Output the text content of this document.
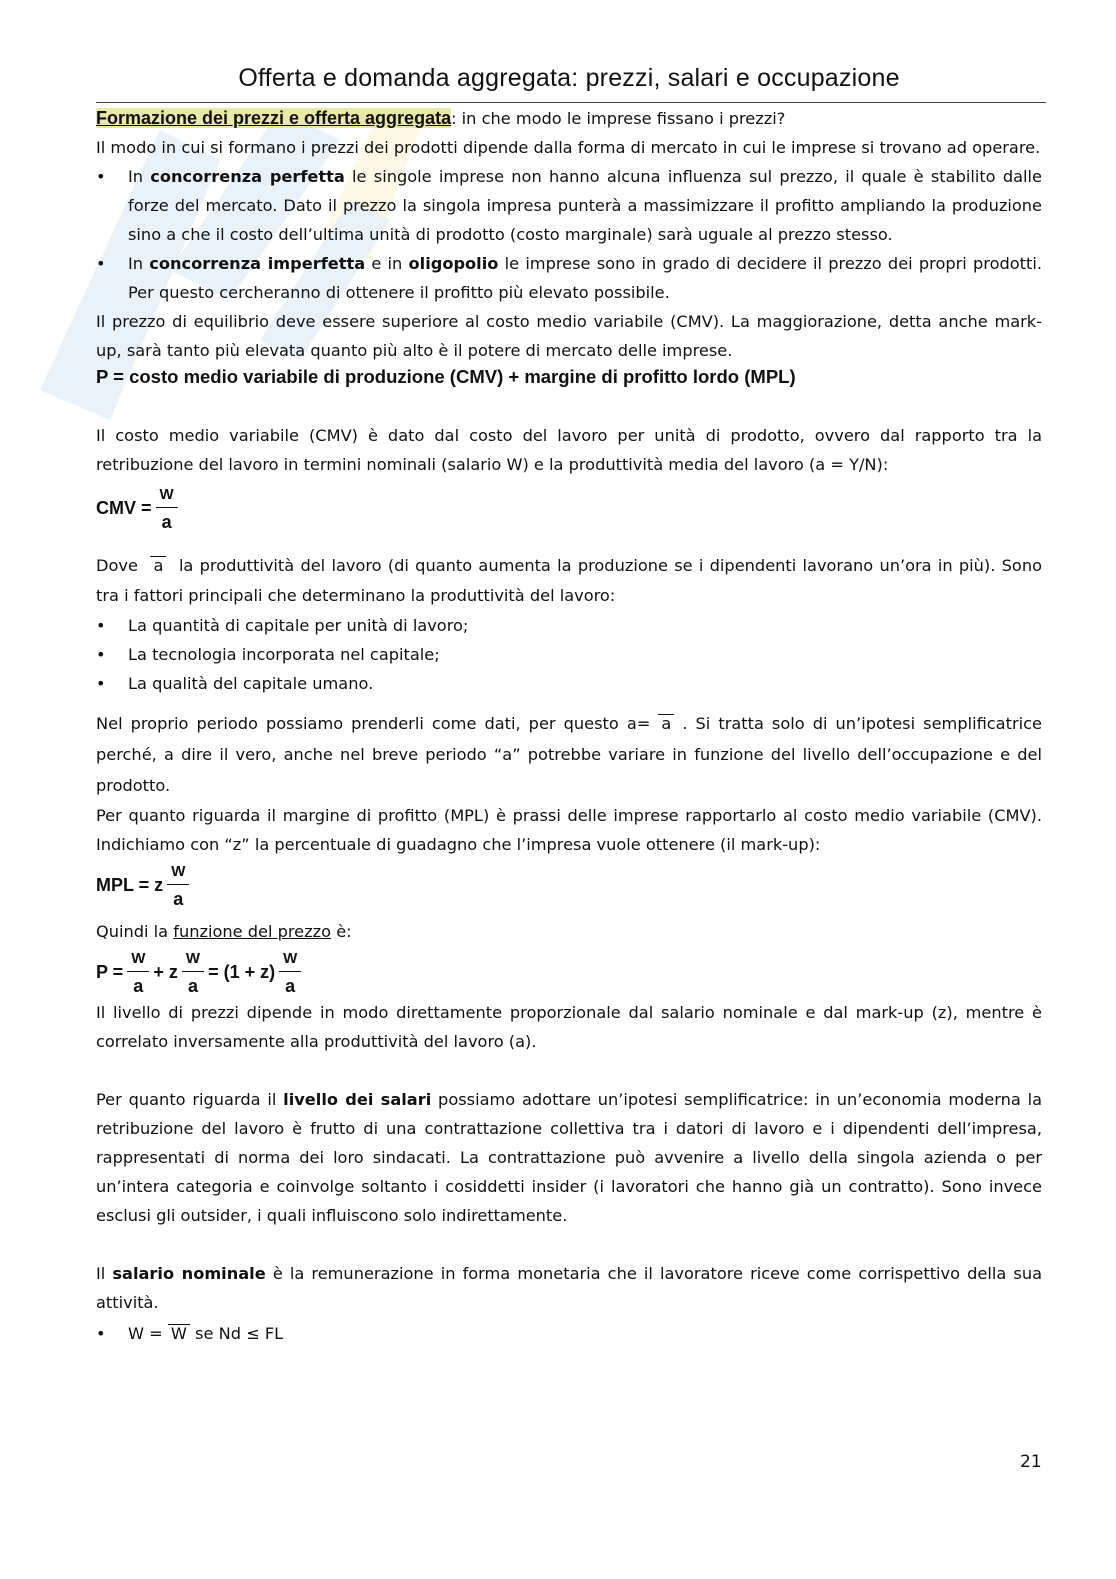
Offerta e domanda aggregata: prezzi, salari e occupazione

Formazione dei prezzi e offerta aggregata: in che modo le imprese fissano i prezzi?

Il modo in cui si formano i prezzi dei prodotti dipende dalla forma di mercato in cui le imprese si trovano ad operare.

• In concorrenza perfetta le singole imprese non hanno alcuna influenza sul prezzo, il quale è stabilito dalle forze del mercato. Dato il prezzo la singola impresa punterà a massimizzare il profitto ampliando la produzione sino a che il costo dell’ultima unità di prodotto (costo marginale) sarà uguale al prezzo stesso.
• In concorrenza imperfetta e in oligopolio le imprese sono in grado di decidere il prezzo dei propri prodotti. Per questo cercheranno di ottenere il profitto più elevato possibile.

Il prezzo di equilibrio deve essere superiore al costo medio variabile (CMV). La maggiorazione, detta anche mark-up, sarà tanto più elevata quanto più alto è il potere di mercato delle imprese.

P = costo medio variabile di produzione (CMV) + margine di profitto lordo (MPL)

Il costo medio variabile (CMV) è dato dal costo del lavoro per unità di prodotto, ovvero dal rapporto tra la retribuzione del lavoro in termini nominali (salario W) e la produttività media del lavoro (a = Y/N):

CMV = $\frac{W}{a}$

Dove a la produttività del lavoro (di quanto aumenta la produzione se i dipendenti lavorano un’ora in più). Sono tra i fattori principali che determinano la produttività del lavoro:

• La quantità di capitale per unità di lavoro;
• La tecnologia incorporata nel capitale;
• La qualità del capitale umano.

Nel proprio periodo possiamo prenderli come dati, per questo a= a . Si tratta solo di un’ipotesi semplificatrice perché, a dire il vero, anche nel breve periodo “a” potrebbe variare in funzione del livello dell’occupazione e del prodotto.

Per quanto riguarda il margine di profitto (MPL) è prassi delle imprese rapportarlo al costo medio variabile (CMV). Indichiamo con “z” la percentuale di guadagno che l’impresa vuole ottenere (il mark-up):

MPL = z $\frac{W}{a}$

Quindi la funzione del prezzo è:

$P = \frac{W}{a} + z \frac{W}{a} = (1 + z) \frac{W}{a}$

Il livello di prezzi dipende in modo direttamente proporzionale dal salario nominale e dal mark-up (z), mentre è correlato inversamente alla produttività del lavoro (a).

Per quanto riguarda il livello dei salari possiamo adottare un’ipotesi semplificatrice: in un’economia moderna la retribuzione del lavoro è frutto di una contrattazione collettiva tra i datori di lavoro e i dipendenti dell’impresa, rappresentati di norma dei loro sindacati. La contrattazione può avvenire a livello della singola azienda o per un’intera categoria e coinvolge soltanto i cosiddetti insider (i lavoratori che hanno già un contratto). Sono invece esclusi gli outsider, i quali influiscono solo indirettamente.

Il salario nominale è la remunerazione in forma monetaria che il lavoratore riceve come corrispettivo della sua attività.

• W = W se Nd ≤ FL
21
